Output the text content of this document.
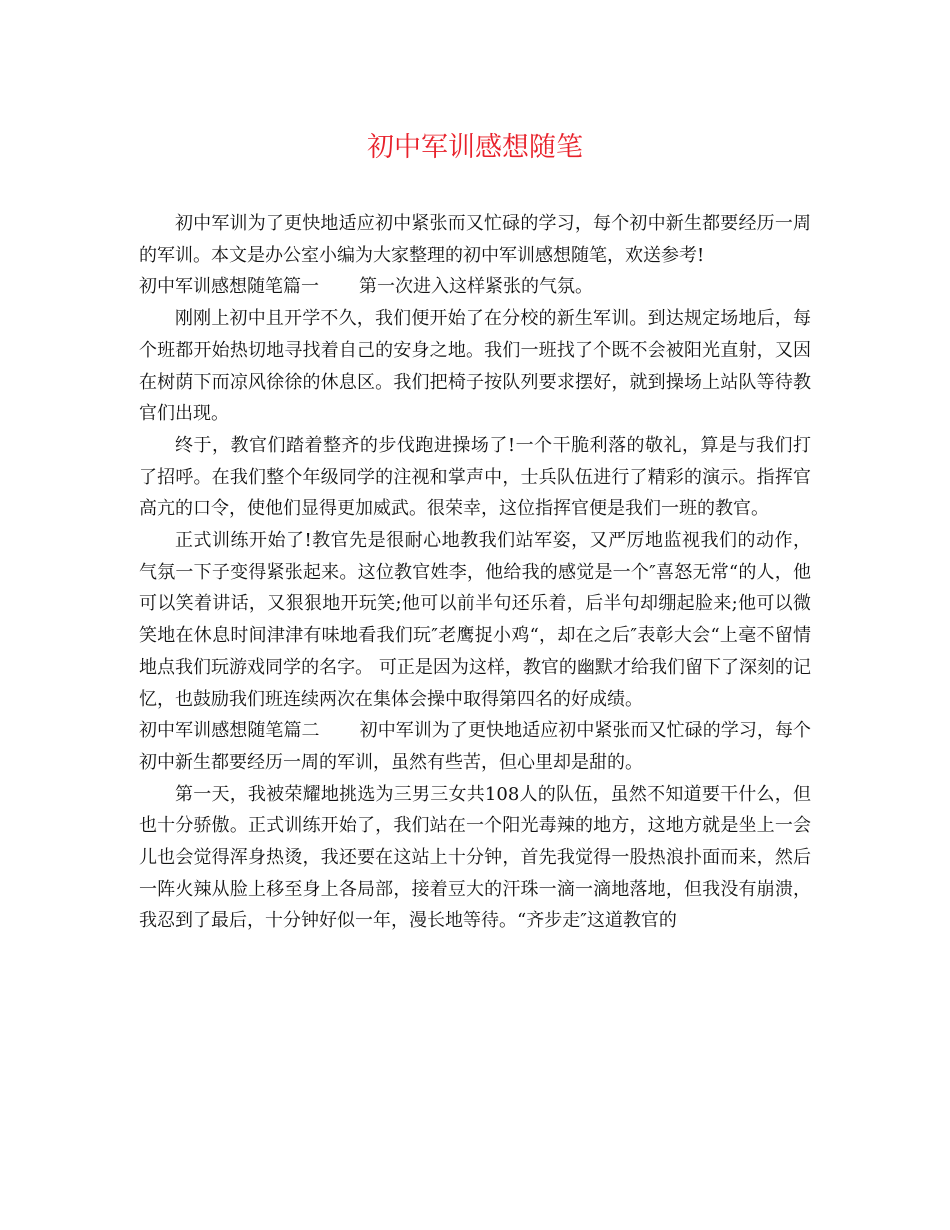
初中军训感想随笔

初中军训为了更快地适应初中紧张而又忙碌的学习，每个初中新生都要经历一周的军训。本文是办公室小编为大家整理的初中军训感想随笔，欢送参考!

初中军训感想随笔篇一 第一次进入这样紧张的气氛。

刚刚上初中且开学不久，我们便开始了在分校的新生军训。到达规定场地后，每个班都开始热切地寻找着自己的安身之地。我们一班找了个既不会被阳光直射，又因 在树荫下而凉风徐徐的休息区。我们把椅子按队列要求摆好，就到操场上站队等待教官们出现。

终于，教官们踏着整齐的步伐跑进操场了!一个干脆利落的敬礼，算是与我们打了招呼。在我们整个年级同学的注视和掌声中，士兵队伍进行了精彩的演示。指挥官高亢的口令，使他们显得更加威武。很荣幸，这位指挥官便是我们一班的教官。

正式训练开始了!教官先是很耐心地教我们站军姿，又严厉地监视我们的动作，气氛一下子变得紧张起来。这位教官姓李，他给我的感觉是一个″喜怒无常“的人，他可以笑着讲话，又狠狠地开玩笑;他可以前半句还乐着，后半句却绷起脸来;他可以微笑地在休息时间津津有味地看我们玩″老鹰捉小鸡“，却在之后″表彰大会“上毫不留情地点我们玩游戏同学的名字。 可正是因为这样，教官的幽默才给我们留下了深刻的记忆，也鼓励我们班连续两次在集体会操中取得第四名的好成绩。

初中军训感想随笔篇二 初中军训为了更快地适应初中紧张而又忙碌的学习，每个初中新生都要经历一周的军训，虽然有些苦，但心里却是甜的。

第一天，我被荣耀地挑选为三男三女共108人的队伍，虽然不知道要干什么，但也十分骄傲。正式训练开始了，我们站在一个阳光毒辣的地方，这地方就是坐上一会儿也会觉得浑身热烫，我还要在这站上十分钟，首先我觉得一股热浪扑面而来，然后一阵火辣从脸上移至身上各局部，接着豆大的汗珠一滴一滴地落地，但我没有崩溃，我忍到了最后，十分钟好似一年，漫长地等待。“齐步走″这道教官的
